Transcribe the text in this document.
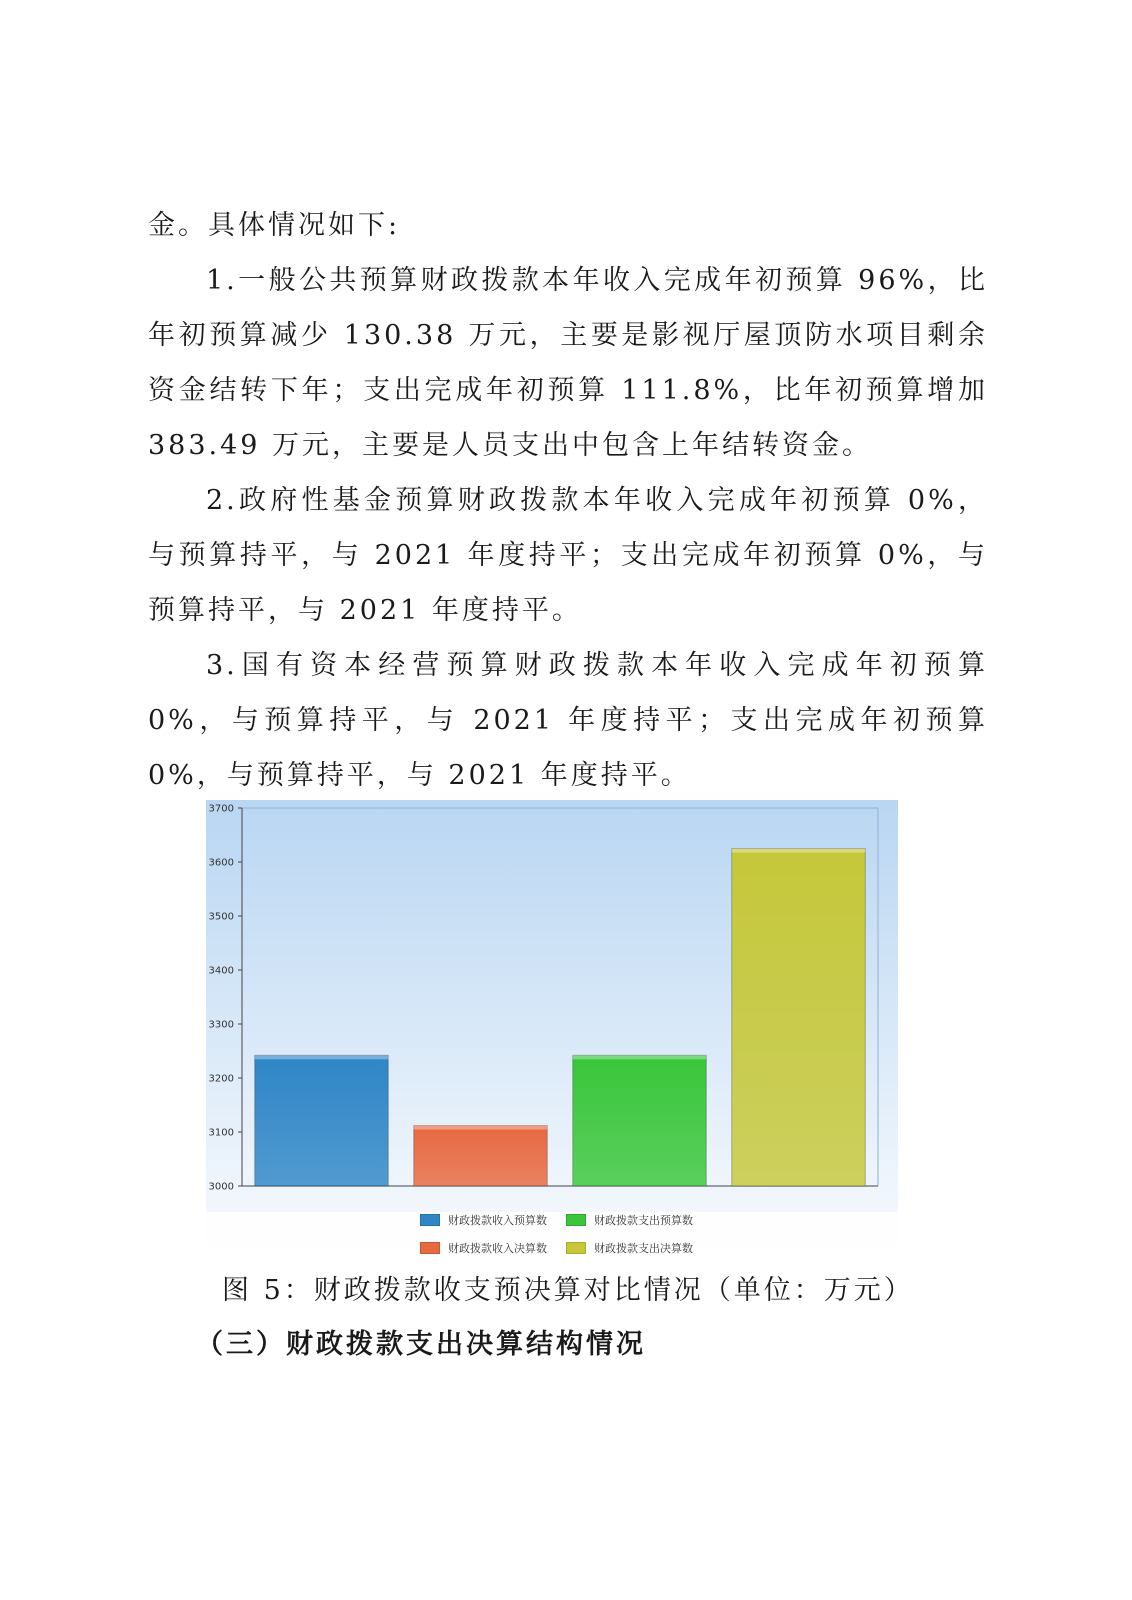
金。具体情况如下:

1.一般公共预算财政拨款本年收入完成年初预算 96%，比年初预算减少 130.38 万元，主要是影视厅屋顶防水项目剩余资金结转下年；支出完成年初预算 111.8%，比年初预算增加 383.49 万元，主要是人员支出中包含上年结转资金。

2.政府性基金预算财政拨款本年收入完成年初预算 0%，与预算持平，与 2021 年度持平；支出完成年初预算 0%，与预算持平，与 2021 年度持平。

3.国有资本经营预算财政拨款本年收入完成年初预算 0%，与预算持平，与 2021 年度持平；支出完成年初预算 0%，与预算持平，与 2021 年度持平。

3000
3100
3200
3300
3400
3500
3600
3700
财政拨款收入预算数	财政拨款支出预算数
财政拨款收入决算数	财政拨款支出决算数
图 5：财政拨款收支预决算对比情况（单位：万元）
（三）财政拨款支出决算结构情况
